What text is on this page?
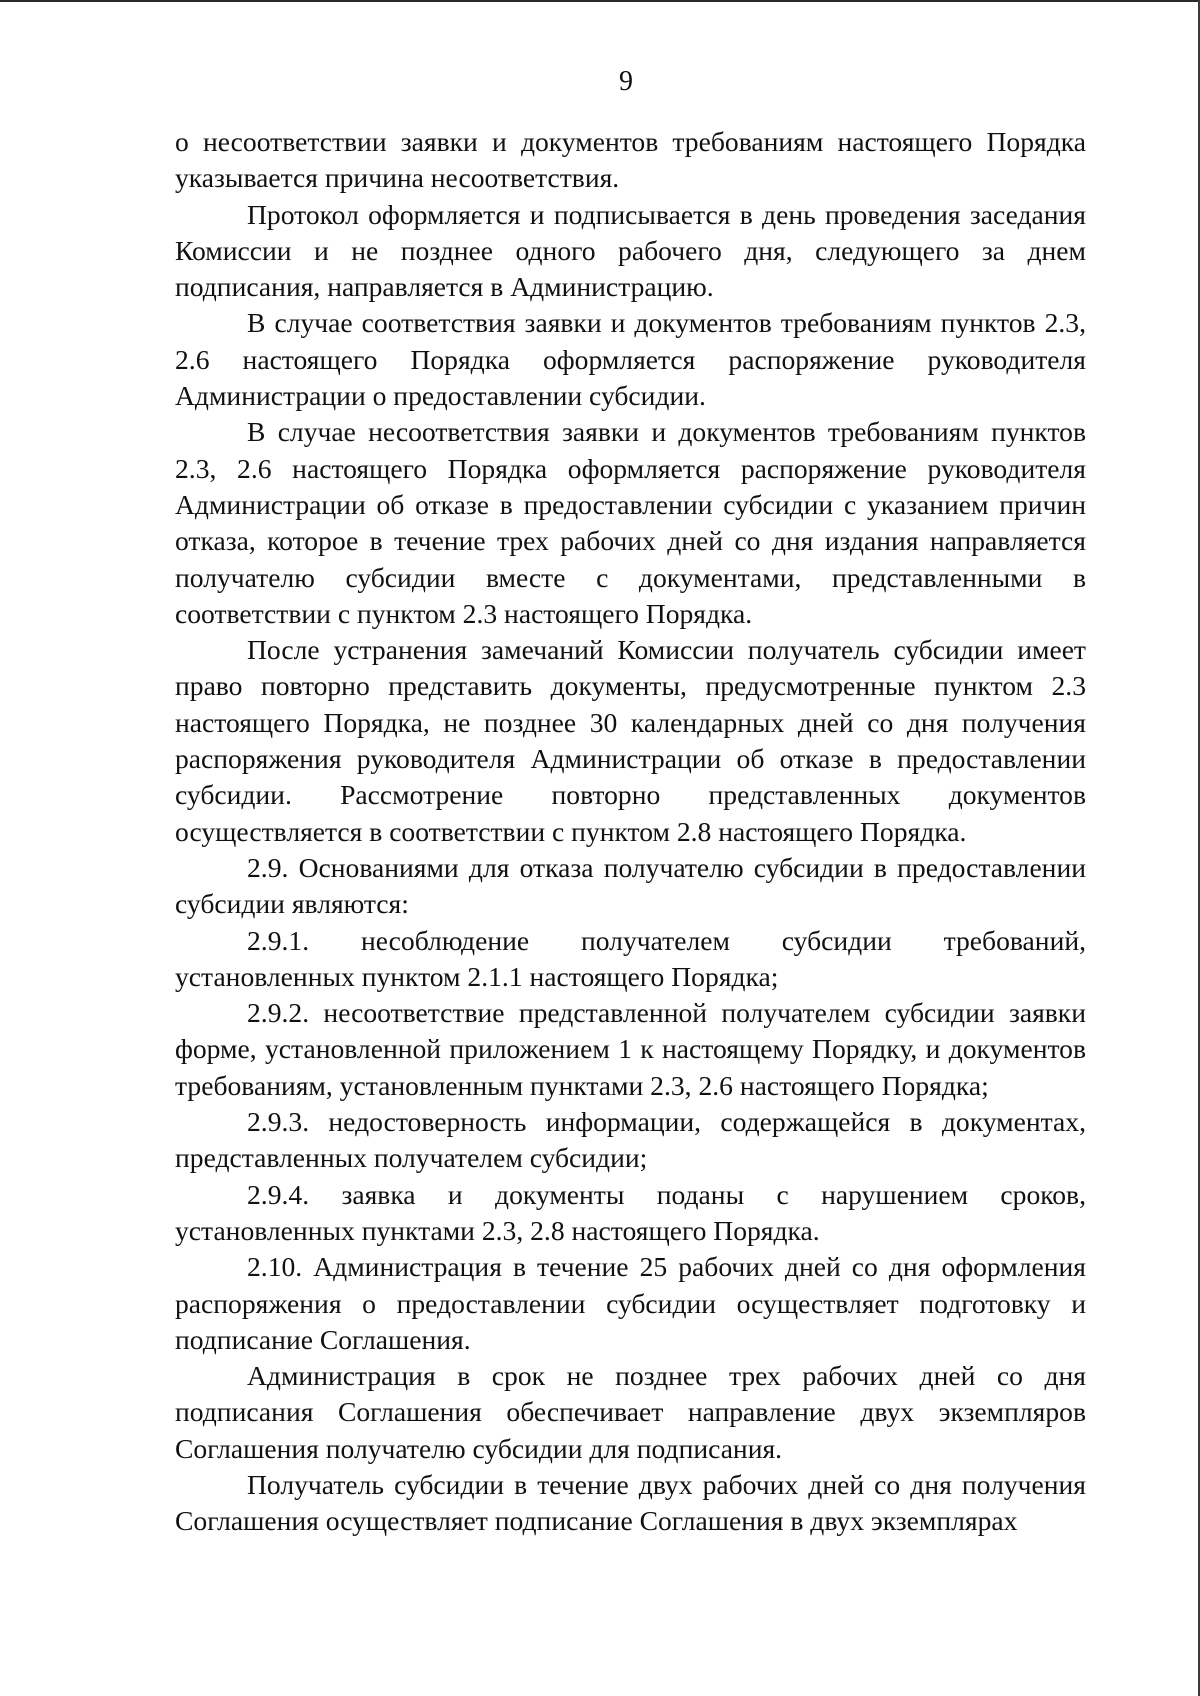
9

о несоответствии заявки и документов требованиям настоящего Порядка указывается причина несоответствия.

Протокол оформляется и подписывается в день проведения заседания Комиссии и не позднее одного рабочего дня, следующего за днем подписания, направляется в Администрацию.

В случае соответствия заявки и документов требованиям пунктов 2.3, 2.6 настоящего Порядка оформляется распоряжение руководителя Администрации о предоставлении субсидии.

В случае несоответствия заявки и документов требованиям пунктов 2.3, 2.6 настоящего Порядка оформляется распоряжение руководителя Администрации об отказе в предоставлении субсидии с указанием причин отказа, которое в течение трех рабочих дней со дня издания направляется получателю субсидии вместе с документами, представленными в соответствии с пунктом 2.3 настоящего Порядка.

После устранения замечаний Комиссии получатель субсидии имеет право повторно представить документы, предусмотренные пунктом 2.3 настоящего Порядка, не позднее 30 календарных дней со дня получения распоряжения руководителя Администрации об отказе в предоставлении субсидии. Рассмотрение повторно представленных документов осуществляется в соответствии с пунктом 2.8 настоящего Порядка.

2.9. Основаниями для отказа получателю субсидии в предоставлении субсидии являются:

2.9.1. несоблюдение получателем субсидии требований, установленных пунктом 2.1.1 настоящего Порядка;

2.9.2. несоответствие представленной получателем субсидии заявки форме, установленной приложением 1 к настоящему Порядку, и документов требованиям, установленным пунктами 2.3, 2.6 настоящего Порядка;

2.9.3. недостоверность информации, содержащейся в документах, представленных получателем субсидии;

2.9.4. заявка и документы поданы с нарушением сроков, установленных пунктами 2.3, 2.8 настоящего Порядка.

2.10. Администрация в течение 25 рабочих дней со дня оформления распоряжения о предоставлении субсидии осуществляет подготовку и подписание Соглашения.

Администрация в срок не позднее трех рабочих дней со дня подписания Соглашения обеспечивает направление двух экземпляров Соглашения получателю субсидии для подписания.

Получатель субсидии в течение двух рабочих дней со дня получения Соглашения осуществляет подписание Соглашения в двух экземплярах
